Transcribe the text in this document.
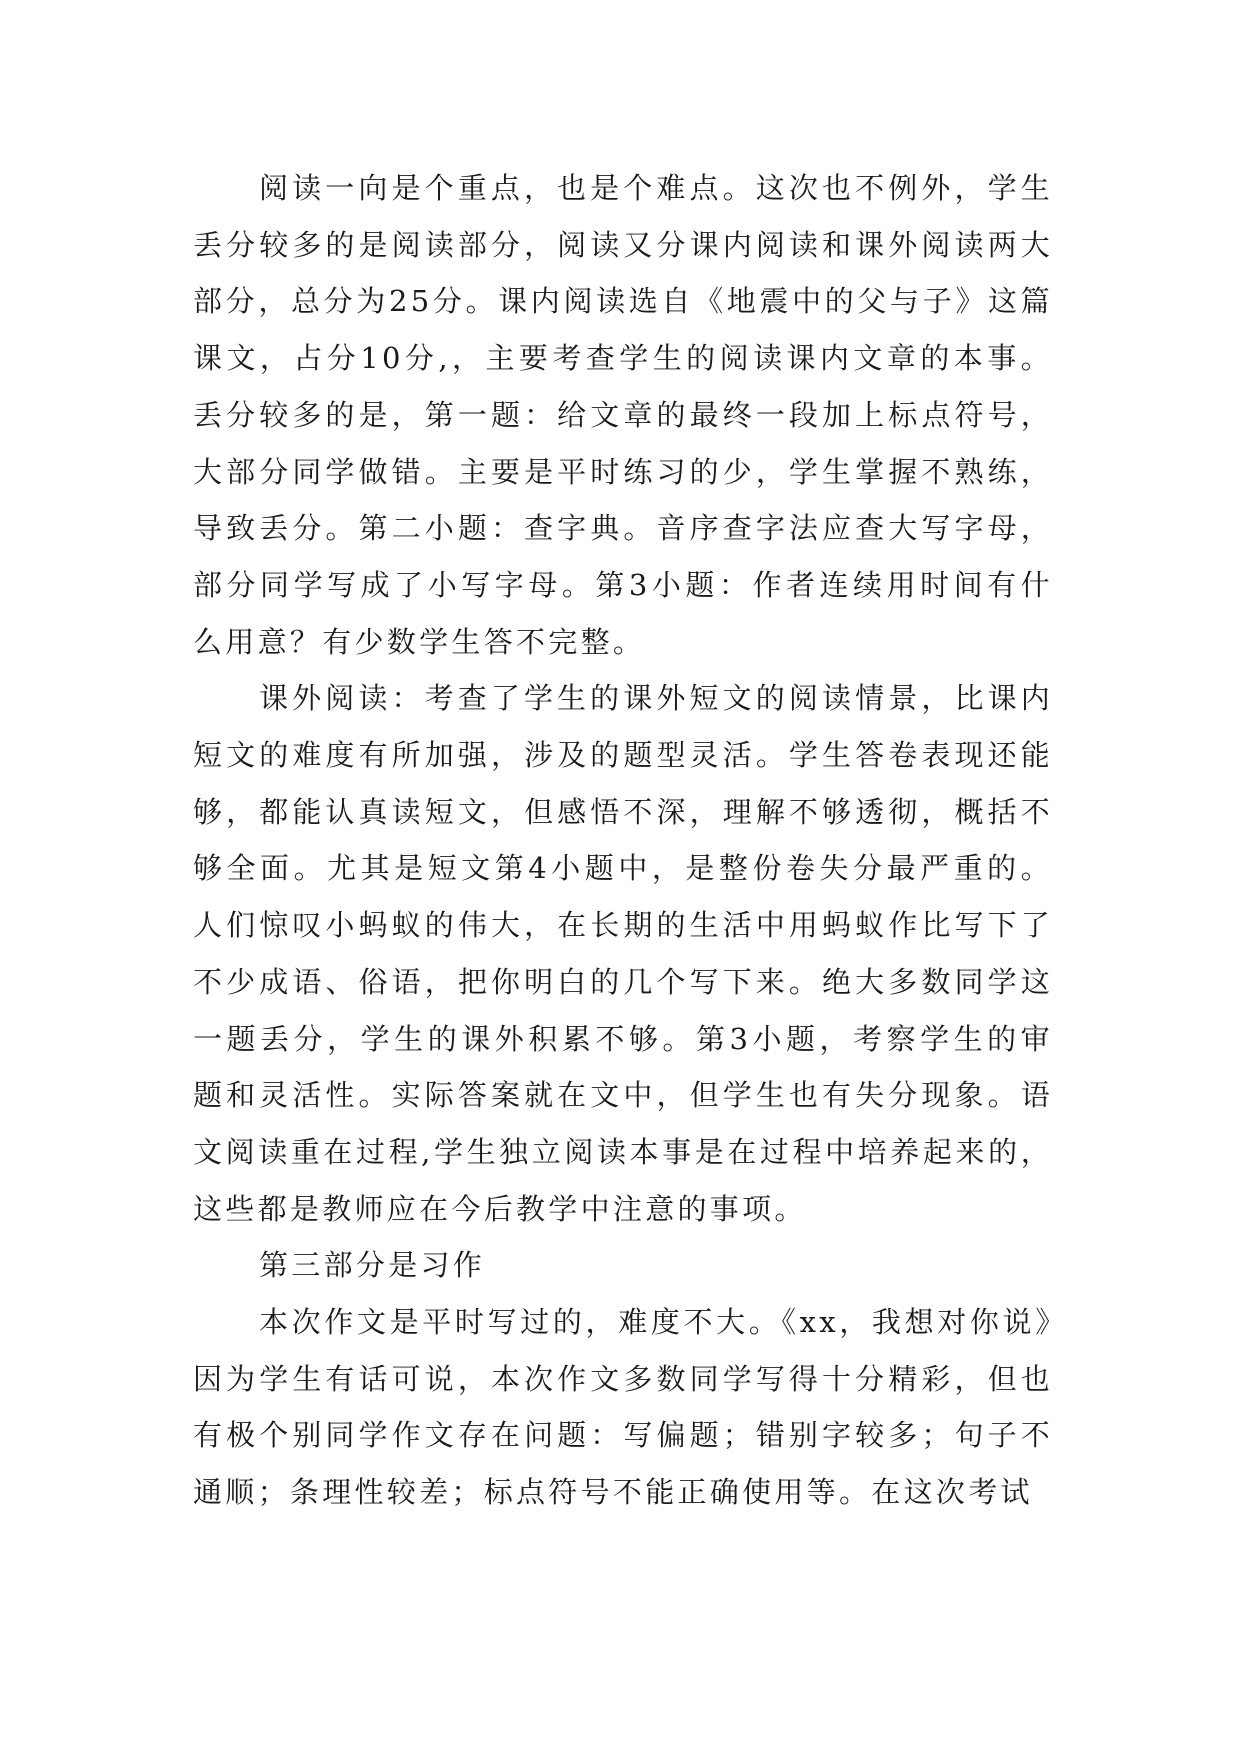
阅读一向是个重点，也是个难点。这次也不例外，学生丢分较多的是阅读部分，阅读又分课内阅读和课外阅读两大部分，总分为25分。课内阅读选自《地震中的父与子》这篇课文，占分10分,，主要考查学生的阅读课内文章的本事。丢分较多的是，第一题：给文章的最终一段加上标点符号，大部分同学做错。主要是平时练习的少，学生掌握不熟练，导致丢分。第二小题：查字典。音序查字法应查大写字母，部分同学写成了小写字母。第3小题：作者连续用时间有什么用意？有少数学生答不完整。

课外阅读：考查了学生的课外短文的阅读情景，比课内短文的难度有所加强，涉及的题型灵活。学生答卷表现还能够，都能认真读短文，但感悟不深，理解不够透彻，概括不够全面。尤其是短文第4小题中，是整份卷失分最严重的。人们惊叹小蚂蚁的伟大，在长期的生活中用蚂蚁作比写下了不少成语、俗语，把你明白的几个写下来。绝大多数同学这一题丢分，学生的课外积累不够。第3小题，考察学生的审题和灵活性。实际答案就在文中，但学生也有失分现象。语文阅读重在过程,学生独立阅读本事是在过程中培养起来的，这些都是教师应在今后教学中注意的事项。

第三部分是习作

本次作文是平时写过的，难度不大。《xx，我想对你说》因为学生有话可说，本次作文多数同学写得十分精彩，但也有极个别同学作文存在问题：写偏题；错别字较多；句子不通顺；条理性较差；标点符号不能正确使用等。在这次考试
